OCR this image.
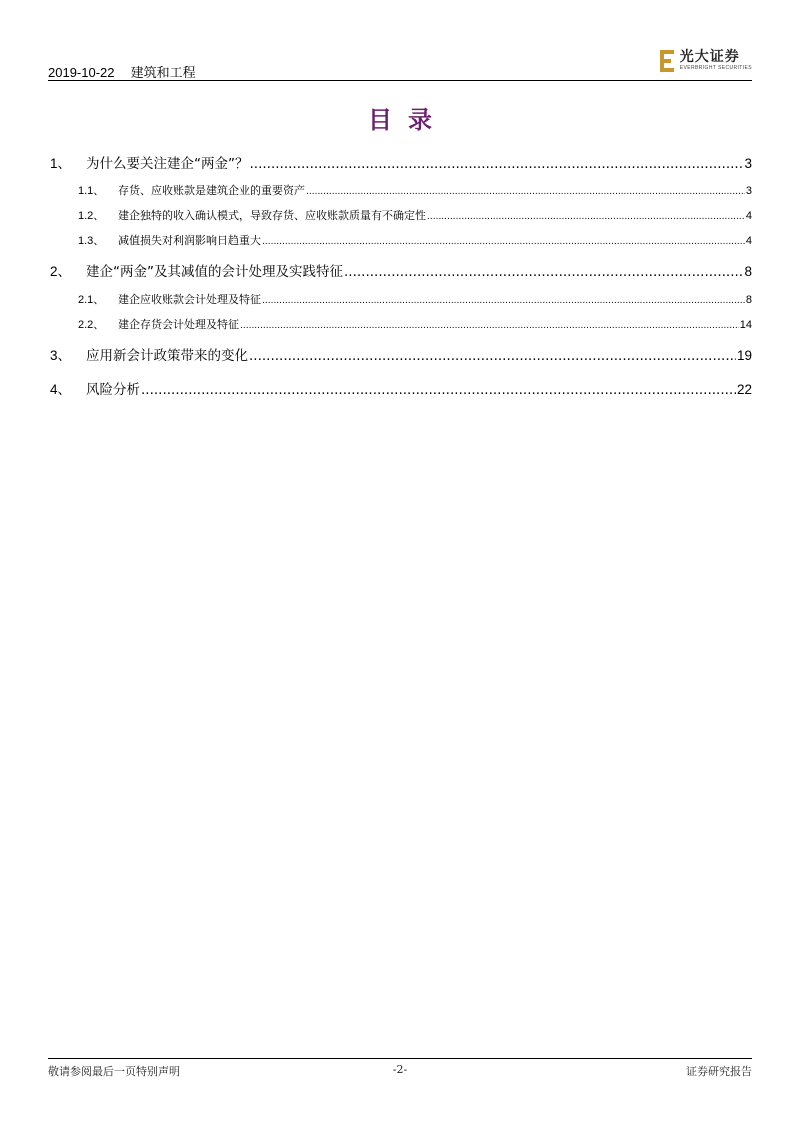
2019-10-22 建筑和工程
光大证券
EVERBRIGHT SECURITIES
目录
1、	为什么要关注建企“两金”？ .....	3
1.1、	存货、应收账款是建筑企业的重要资产 .....	3
1.2、	建企独特的收入确认模式，导致存货、应收账款质量有不确定性 .....	4
1.3、	减值损失对利润影响日趋重大 .....	4
2、	建企“两金”及其减值的会计处理及实践特征 .....	8
2.1、	建企应收账款会计处理及特征 .....	8
2.2、	建企存货会计处理及特征 .....	14
3、	应用新会计政策带来的变化 .....	19
4、	风险分析 .....	22
敬请参阅最后一页特别声明	-2-	证券研究报告
